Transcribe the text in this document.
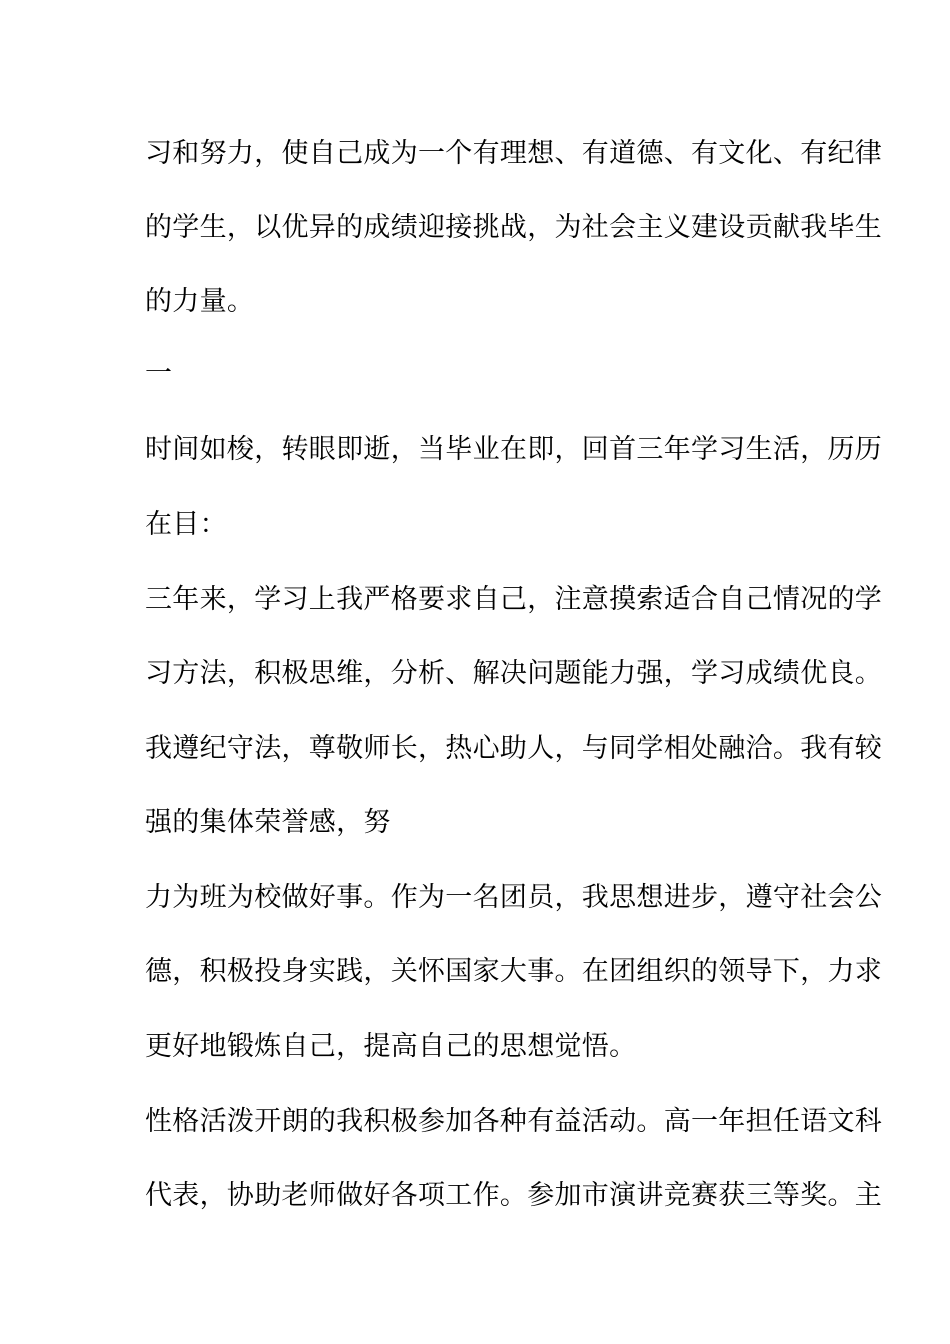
习和努力，使自己成为一个有理想、有道德、有文化、有纪律
的学生，以优异的成绩迎接挑战，为社会主义建设贡献我毕生
的力量。
一
时间如梭，转眼即逝，当毕业在即，回首三年学习生活，历历
在目：
三年来，学习上我严格要求自己，注意摸索适合自己情况的学
习方法，积极思维，分析、解决问题能力强，学习成绩优良。
我遵纪守法，尊敬师长，热心助人，与同学相处融洽。我有较
强的集体荣誉感，努
力为班为校做好事。作为一名团员，我思想进步，遵守社会公
德，积极投身实践，关怀国家大事。在团组织的领导下，力求
更好地锻炼自己，提高自己的思想觉悟。
性格活泼开朗的我积极参加各种有益活动。高一年担任语文科
代表，协助老师做好各项工作。参加市演讲竞赛获三等奖。主
